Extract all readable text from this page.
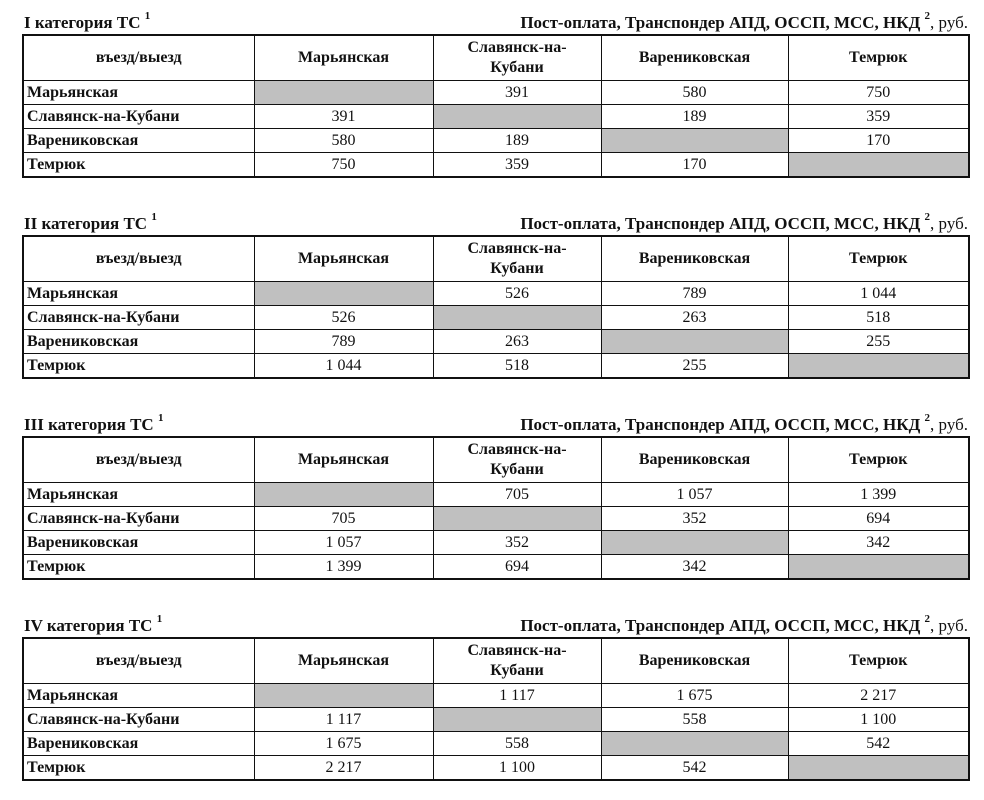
I категория ТС $^1$	Пост-оплата, Транспондер АПД, ОССП, МСС, НКД $^2$, руб.
въезд/выезд	Марьянская	Славянск-на-
Кубани	Варениковская	Темрюк
Марьянская		391	580	750
Славянск-на-Кубани	391		189	359
Варениковская	580	189		170
Темрюк	750	359	170	
II категория ТС $^1$	Пост-оплата, Транспондер АПД, ОССП, МСС, НКД $^2$, руб.
въезд/выезд	Марьянская	Славянск-на-
Кубани	Варениковская	Темрюк
Марьянская		526	789	1 044
Славянск-на-Кубани	526		263	518
Варениковская	789	263		255
Темрюк	1 044	518	255	
III категория ТС $^1$	Пост-оплата, Транспондер АПД, ОССП, МСС, НКД $^2$, руб.
въезд/выезд	Марьянская	Славянск-на-
Кубани	Варениковская	Темрюк
Марьянская		705	1 057	1 399
Славянск-на-Кубани	705		352	694
Варениковская	1 057	352		342
Темрюк	1 399	694	342	
IV категория ТС $^1$	Пост-оплата, Транспондер АПД, ОССП, МСС, НКД $^2$, руб.
въезд/выезд	Марьянская	Славянск-на-
Кубани	Варениковская	Темрюк
Марьянская		1 117	1 675	2 217
Славянск-на-Кубани	1 117		558	1 100
Варениковская	1 675	558		542
Темрюк	2 217	1 100	542	
